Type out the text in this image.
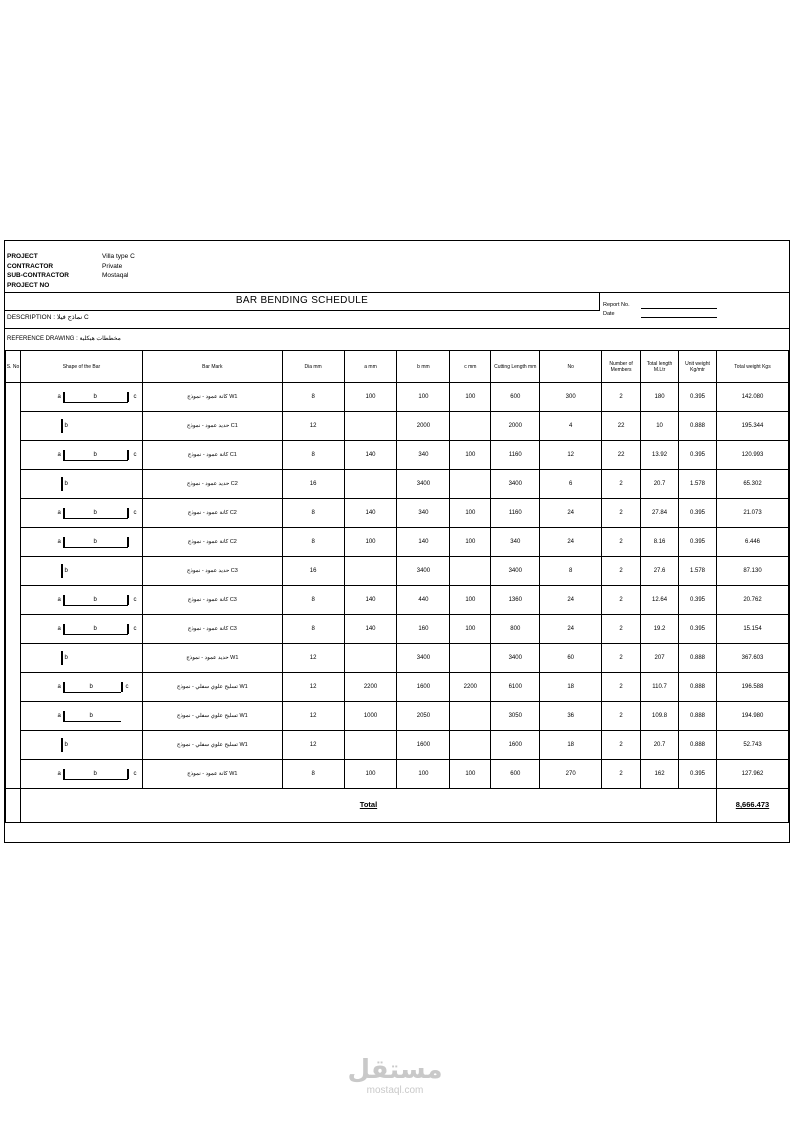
PROJECT	Villa type C
CONTRACTOR	Private
SUB-CONTRACTOR	Mostaqal
PROJECT NO
BAR BENDING SCHEDULE
DESCRIPTION : نماذج فيلا C
Report No.
Date
REFERENCE DRAWING : مخططات هيكلية
S. No	Shape of the Bar	Bar Mark	Dia mm	a mm	b mm	c mm	Cutting Length mm	No	Number of Members	Total length M.Ltr	Unit weight Kg/mtr	Total weight Kgs

	a b c	W1 كانة عمود - نموذج	8	100	100	100	600	300	2	180	0.395	142.080

	b	C1 حديد عمود - نموذج	12		2000		2000	4	22	10	0.888	195.344

	a b c	C1 كانة عمود - نموذج	8	140	340	100	1160	12	22	13.92	0.395	120.993

	b	C2 حديد عمود - نموذج	16		3400		3400	6	2	20.7	1.578	65.302

	a b c	C2 كانة عمود - نموذج	8	140	340	100	1160	24	2	27.84	0.395	21.073

	a b	C2 كانة عمود - نموذج	8	100	140	100	340	24	2	8.16	0.395	6.446

	b	C3 حديد عمود - نموذج	16		3400		3400	8	2	27.6	1.578	87.130

	a b c	C3 كانة عمود - نموذج	8	140	440	100	1360	24	2	12.64	0.395	20.762

	a b c	C3 كانة عمود - نموذج	8	140	160	100	800	24	2	19.2	0.395	15.154

	b	W1 حديد عمود - نموذج	12		3400		3400	60	2	207	0.888	367.603

	a b c	W1 تسليح علوي سفلي - نموذج	12	2200	1600	2200	6100	18	2	110.7	0.888	196.588

	a b	W1 تسليح علوي سفلي - نموذج	12	1000	2050		3050	36	2	109.8	0.888	194.980

	b	W1 تسليح علوي سفلي - نموذج	12		1600		1600	18	2	20.7	0.888	52.743

	a b c	W1 كانة عمود - نموذج	8	100	100	100	600	270	2	162	0.395	127.962
	Total											8,666.473
مستقل
mostaql.com
